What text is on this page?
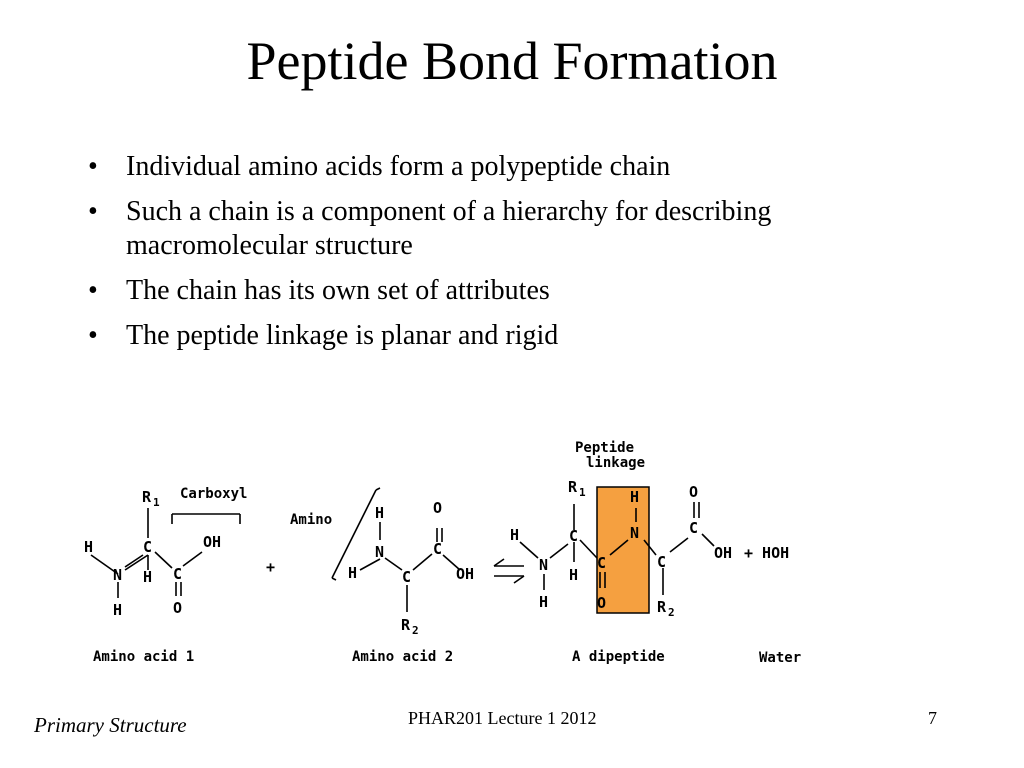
Peptide Bond Formation
• Individual amino acids form a polypeptide chain
• Such a chain is a component of a hierarchy for describing macromolecular structure
• The chain has its own set of attributes
• The peptide linkage is planar and rigid
R 1
Carboxyl
H	C	OH
N H C
H	O
+
Amino	H	O
N	C
H	C	OH
R 2
Peptide
linkage
R 1	H	O
H	C	N	C
N
H
C	C	OH + HOH
H	O	R 2
Amino acid 1	Amino acid 2	A dipeptide	Water
Primary Structure	PHAR201 Lecture 1 2012	7
